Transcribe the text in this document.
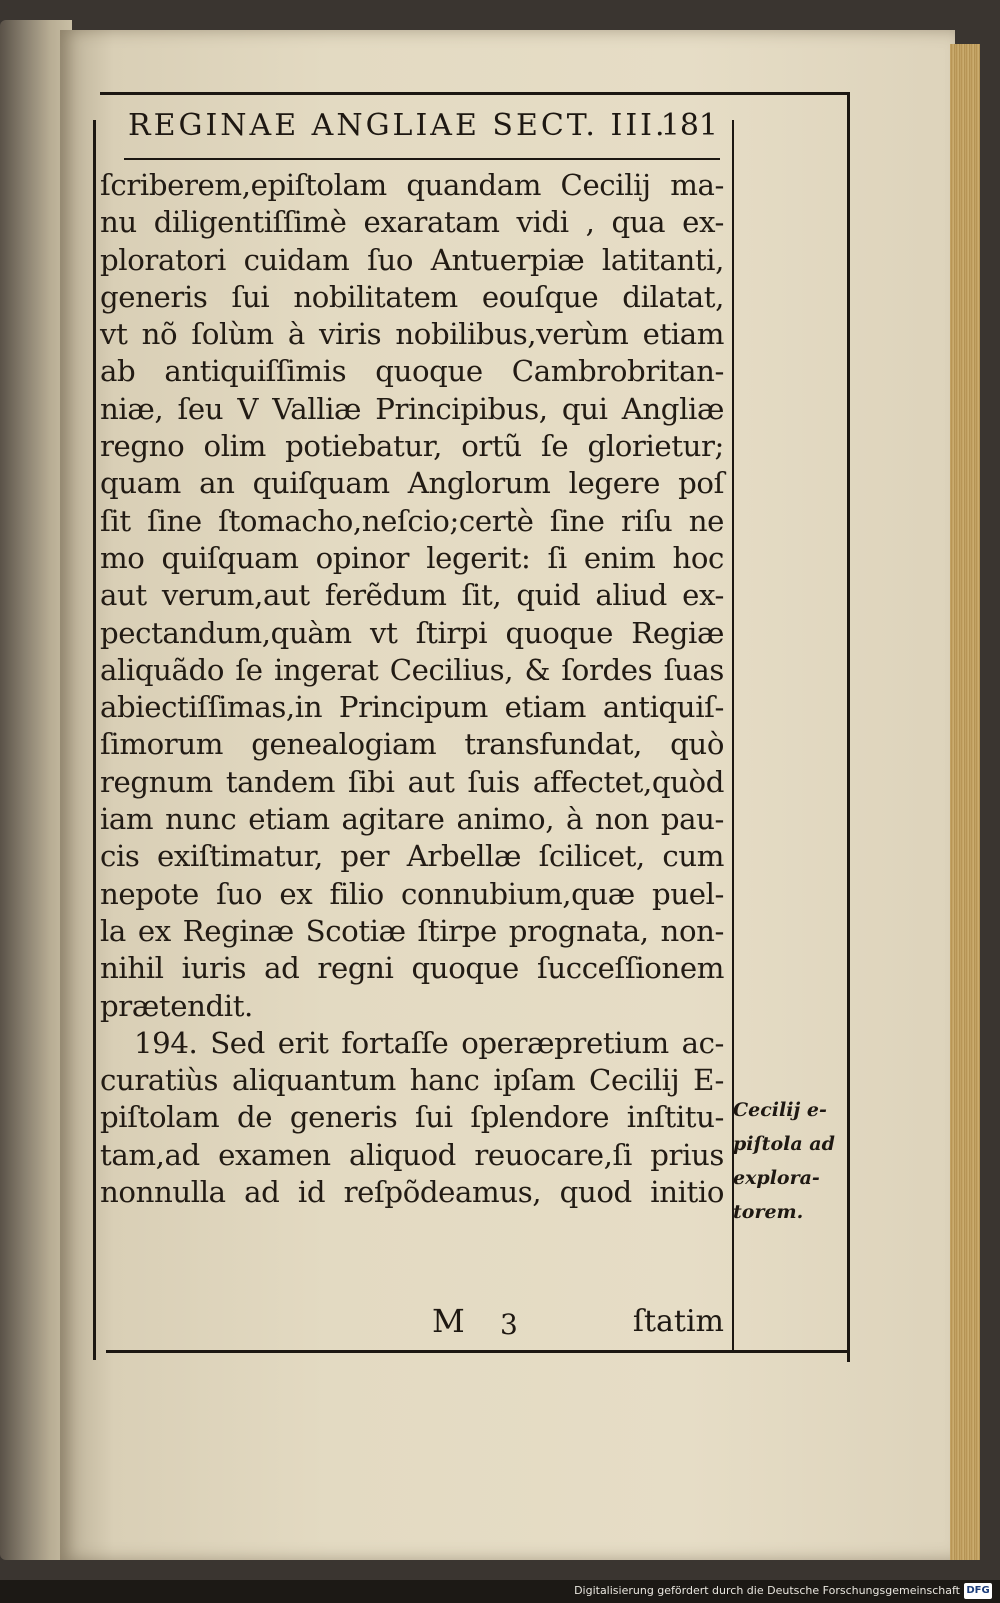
REGINAE ANGLIAE SECT. III.
181
ſcriberem,epiſtolam quandam Cecilij ma-
nu diligentiſſimè exaratam vidi , qua ex-
ploratori cuidam ſuo Antuerpiæ latitanti,
generis ſui nobilitatem eouſque dilatat,
vt nõ ſolùm à viris nobilibus,verùm etiam
ab antiquiſſimis quoque Cambrobritan-
niæ, ſeu V Valliæ Principibus, qui Angliæ
regno olim potiebatur, ortũ ſe glorietur;
quam an quiſquam Anglorum legere poſ
ſit ſine ſtomacho,neſcio;certè ſine riſu ne
mo quiſquam opinor legerit: ſi enim hoc
aut verum,aut ferẽdum ſit, quid aliud ex-
pectandum,quàm vt ſtirpi quoque Regiæ
aliquãdo ſe ingerat Cecilius, & ſordes ſuas
abiectiſſimas,in Principum etiam antiquiſ-
ſimorum genealogiam transfundat, quò
regnum tandem ſibi aut ſuis affectet,quòd
iam nunc etiam agitare animo, à non pau-
cis exiſtimatur, per Arbellæ ſcilicet, cum
nepote ſuo ex filio connubium,quæ puel-
la ex Reginæ Scotiæ ſtirpe prognata, non-
nihil iuris ad regni quoque ſucceſſionem
prætendit.
194. Sed erit fortaſſe operæpretium ac-
curatiùs aliquantum hanc ipſam Cecilij E-
piſtolam de generis ſui ſplendore inſtitu-
tam,ad examen aliquod reuocare,ſi prius
nonnulla ad id reſpõdeamus, quod initio
Cecilij e-
piſtola ad
explora-
torem.
M 3	ſtatim
Digitalisierung gefördert durch die Deutsche Forschungsgemeinschaft DFG
